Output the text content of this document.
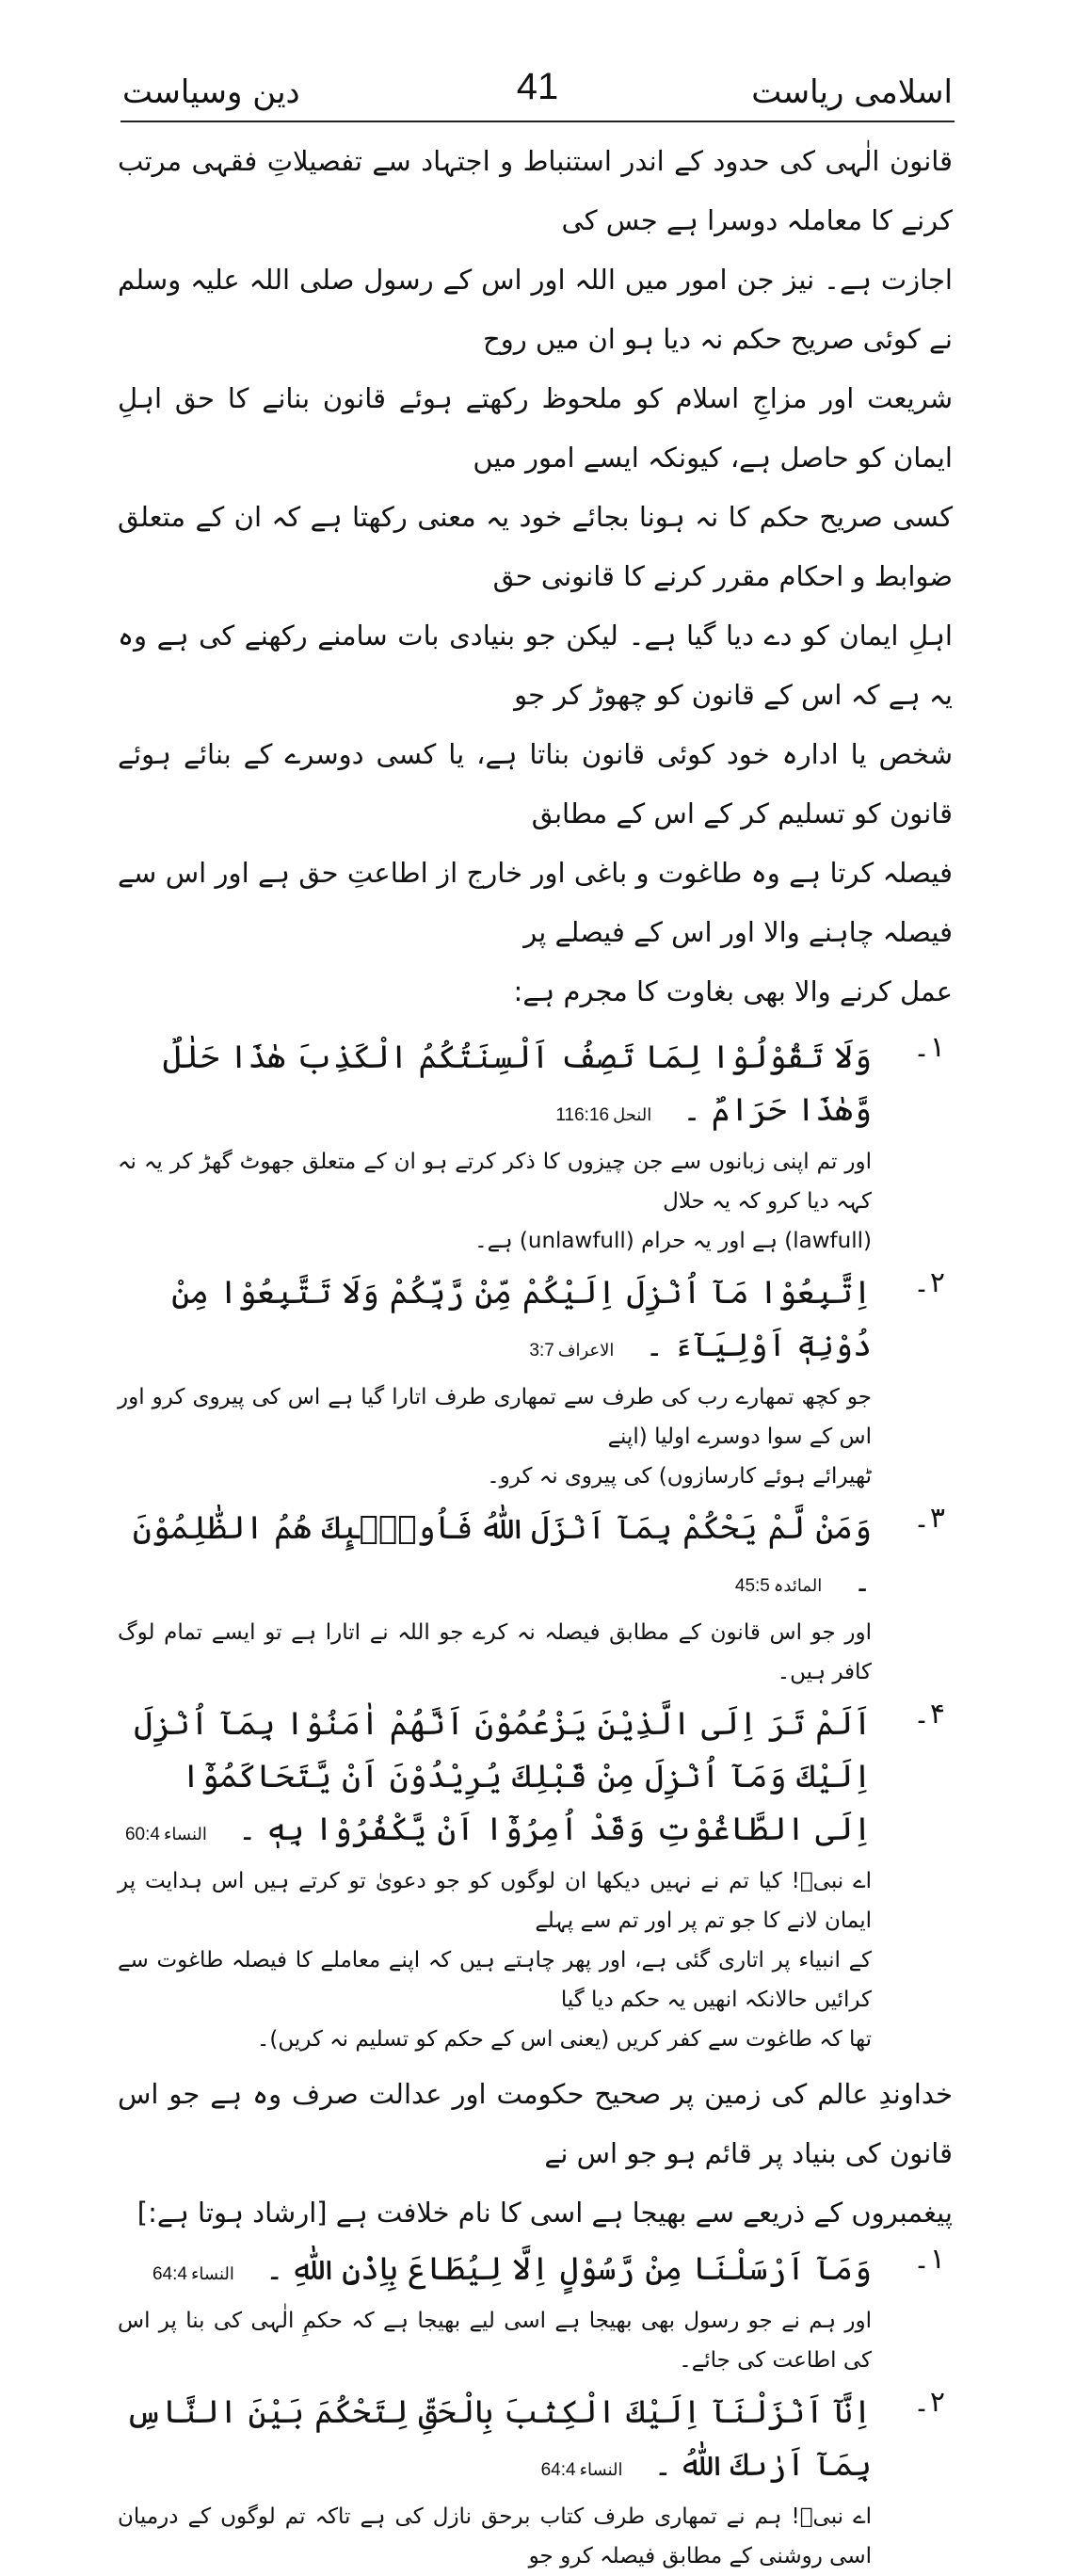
دین وسیاست	41	اسلامی ریاست

قانون الٰہی کی حدود کے اندر استنباط و اجتہاد سے تفصیلاتِ فقہی مرتب کرنے کا معاملہ دوسرا ہے جس کی

اجازت ہے۔ نیز جن امور میں اللہ اور اس کے رسول صلی اللہ علیہ وسلم نے کوئی صریح حکم نہ دیا ہو ان میں روح

شریعت اور مزاجِ اسلام کو ملحوظ رکھتے ہوئے قانون بنانے کا حق اہلِ ایمان کو حاصل ہے، کیونکہ ایسے امور میں

کسی صریح حکم کا نہ ہونا بجائے خود یہ معنی رکھتا ہے کہ ان کے متعلق ضوابط و احکام مقرر کرنے کا قانونی حق

اہلِ ایمان کو دے دیا گیا ہے۔ لیکن جو بنیادی بات سامنے رکھنے کی ہے وہ یہ ہے کہ اس کے قانون کو چھوڑ کر جو

شخص یا ادارہ خود کوئی قانون بناتا ہے، یا کسی دوسرے کے بنائے ہوئے قانون کو تسلیم کر کے اس کے مطابق

فیصلہ کرتا ہے وہ طاغوت و باغی اور خارج از اطاعتِ حق ہے اور اس سے فیصلہ چاہنے والا اور اس کے فیصلے پر

عمل کرنے والا بھی بغاوت کا مجرم ہے:

۱۔

وَلَا تَقُوْلُوْا لِمَا تَصِفُ اَلْسِنَتُكُمُ الْكَذِبَ هٰذَا حَلٰلٌ وَّهٰذَا حَرَامٌ ۔ النحل116:16

اور تم اپنی زبانوں سے جن چیزوں کا ذکر کرتے ہو ان کے متعلق جھوٹ گھڑ کر یہ نہ کہہ دیا کرو کہ یہ حلال

(lawfull) ہے اور یہ حرام (unlawfull) ہے۔

۲۔

اِتَّبِعُوْا مَآ اُنْزِلَ اِلَيْكُمْ مِّنْ رَّبِّكُمْ وَلَا تَتَّبِعُوْا مِنْ دُوْنِهٖٓ اَوْلِيَآءَ ۔ الاعراف3:7

جو کچھ تمھارے رب کی طرف سے تمھاری طرف اتارا گیا ہے اس کی پیروی کرو اور اس کے سوا دوسرے اولیا (اپنے

ٹھیرائے ہوئے کارسازوں) کی پیروی نہ کرو۔

۳۔

وَمَنْ لَّمْ يَحْكُمْ بِمَآ اَنْزَلَ اللّٰهُ فَاُولٰۗىِٕكَ هُمُ الظّٰلِمُوْنَ ۔ المائدہ45:5

اور جو اس قانون کے مطابق فیصلہ نہ کرے جو اللہ نے اتارا ہے تو ایسے تمام لوگ کافر ہیں۔

۴۔

اَلَمْ تَرَ اِلَى الَّذِيْنَ يَزْعُمُوْنَ اَنَّهُمْ اٰمَنُوْا بِمَآ اُنْزِلَ اِلَيْكَ وَمَآ اُنْزِلَ مِنْ قَبْلِكَ يُرِيْدُوْنَ اَنْ يَّتَحَاكَمُوْٓا اِلَى الطَّاغُوْتِ وَقَدْ اُمِرُوْٓا اَنْ يَّكْفُرُوْا بِهٖ ۔ النساء60:4

اے نبیؐ! کیا تم نے نہیں دیکھا ان لوگوں کو جو دعویٰ تو کرتے ہیں اس ہدایت پر ایمان لانے کا جو تم پر اور تم سے پہلے

کے انبیاء پر اتاری گئی ہے، اور پھر چاہتے ہیں کہ اپنے معاملے کا فیصلہ طاغوت سے کرائیں حالانکہ انھیں یہ حکم دیا گیا

تھا کہ طاغوت سے کفر کریں (یعنی اس کے حکم کو تسلیم نہ کریں)۔

خداوندِ عالم کی زمین پر صحیح حکومت اور عدالت صرف وہ ہے جو اس قانون کی بنیاد پر قائم ہو جو اس نے

پیغمبروں کے ذریعے سے بھیجا ہے اسی کا نام خلافت ہے [ارشاد ہوتا ہے:]

۱۔

وَمَآ اَرْسَلْنَا مِنْ رَّسُوْلٍ اِلَّا لِيُطَاعَ بِاِذْنِ اللّٰهِ ۔ النساء64:4

اور ہم نے جو رسول بھی بھیجا ہے اسی لیے بھیجا ہے کہ حکمِ الٰہی کی بنا پر اس کی اطاعت کی جائے۔

۲۔

اِنَّآ اَنْزَلْنَآ اِلَيْكَ الْكِتٰبَ بِالْحَقِّ لِتَحْكُمَ بَيْنَ النَّاسِ بِمَآ اَرٰىكَ اللّٰهُ ۔ النساء64:4

اے نبیؐ! ہم نے تمھاری طرف کتاب برحق نازل کی ہے تاکہ تم لوگوں کے درمیان اسی روشنی کے مطابق فیصلہ کرو جو
